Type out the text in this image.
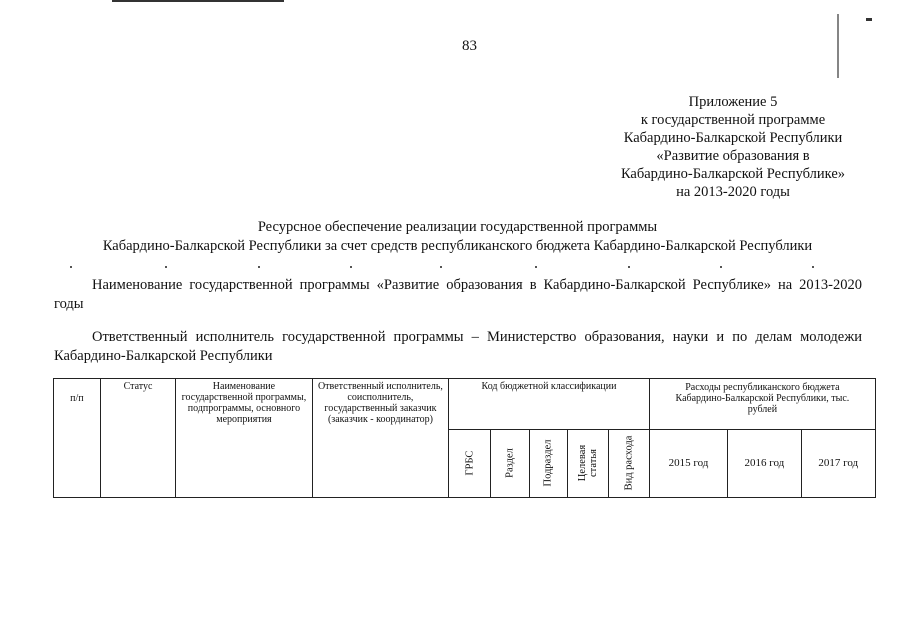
83
Приложение 5
к государственной программе
Кабардино-Балкарской Республики
«Развитие образования в
Кабардино-Балкарской Республике»
на 2013-2020 годы
Ресурсное обеспечение реализации государственной программы
Кабардино-Балкарской Республики за счет средств республиканского бюджета Кабардино-Балкарской Республики
Наименование государственной программы «Развитие образования в Кабардино-Балкарской Республике» на 2013-2020 годы
Ответственный исполнитель государственной программы – Министерство образования, науки и по делам молодежи Кабардино-Балкарской Республики
п/п	Статус	Наименование государственной программы, подпрограммы, основного мероприятия	Ответственный исполнитель, соисполнитель, государственный заказчик (заказчик - координатор)	Код бюджетной классификации					Расходы республиканского бюджета Кабардино-Балкарской Республики, тыс. рублей		

				ГРБС	Раздел	Подраздел	Целевая статья	Вид расхода	2015 год	2016 год	2017 год
